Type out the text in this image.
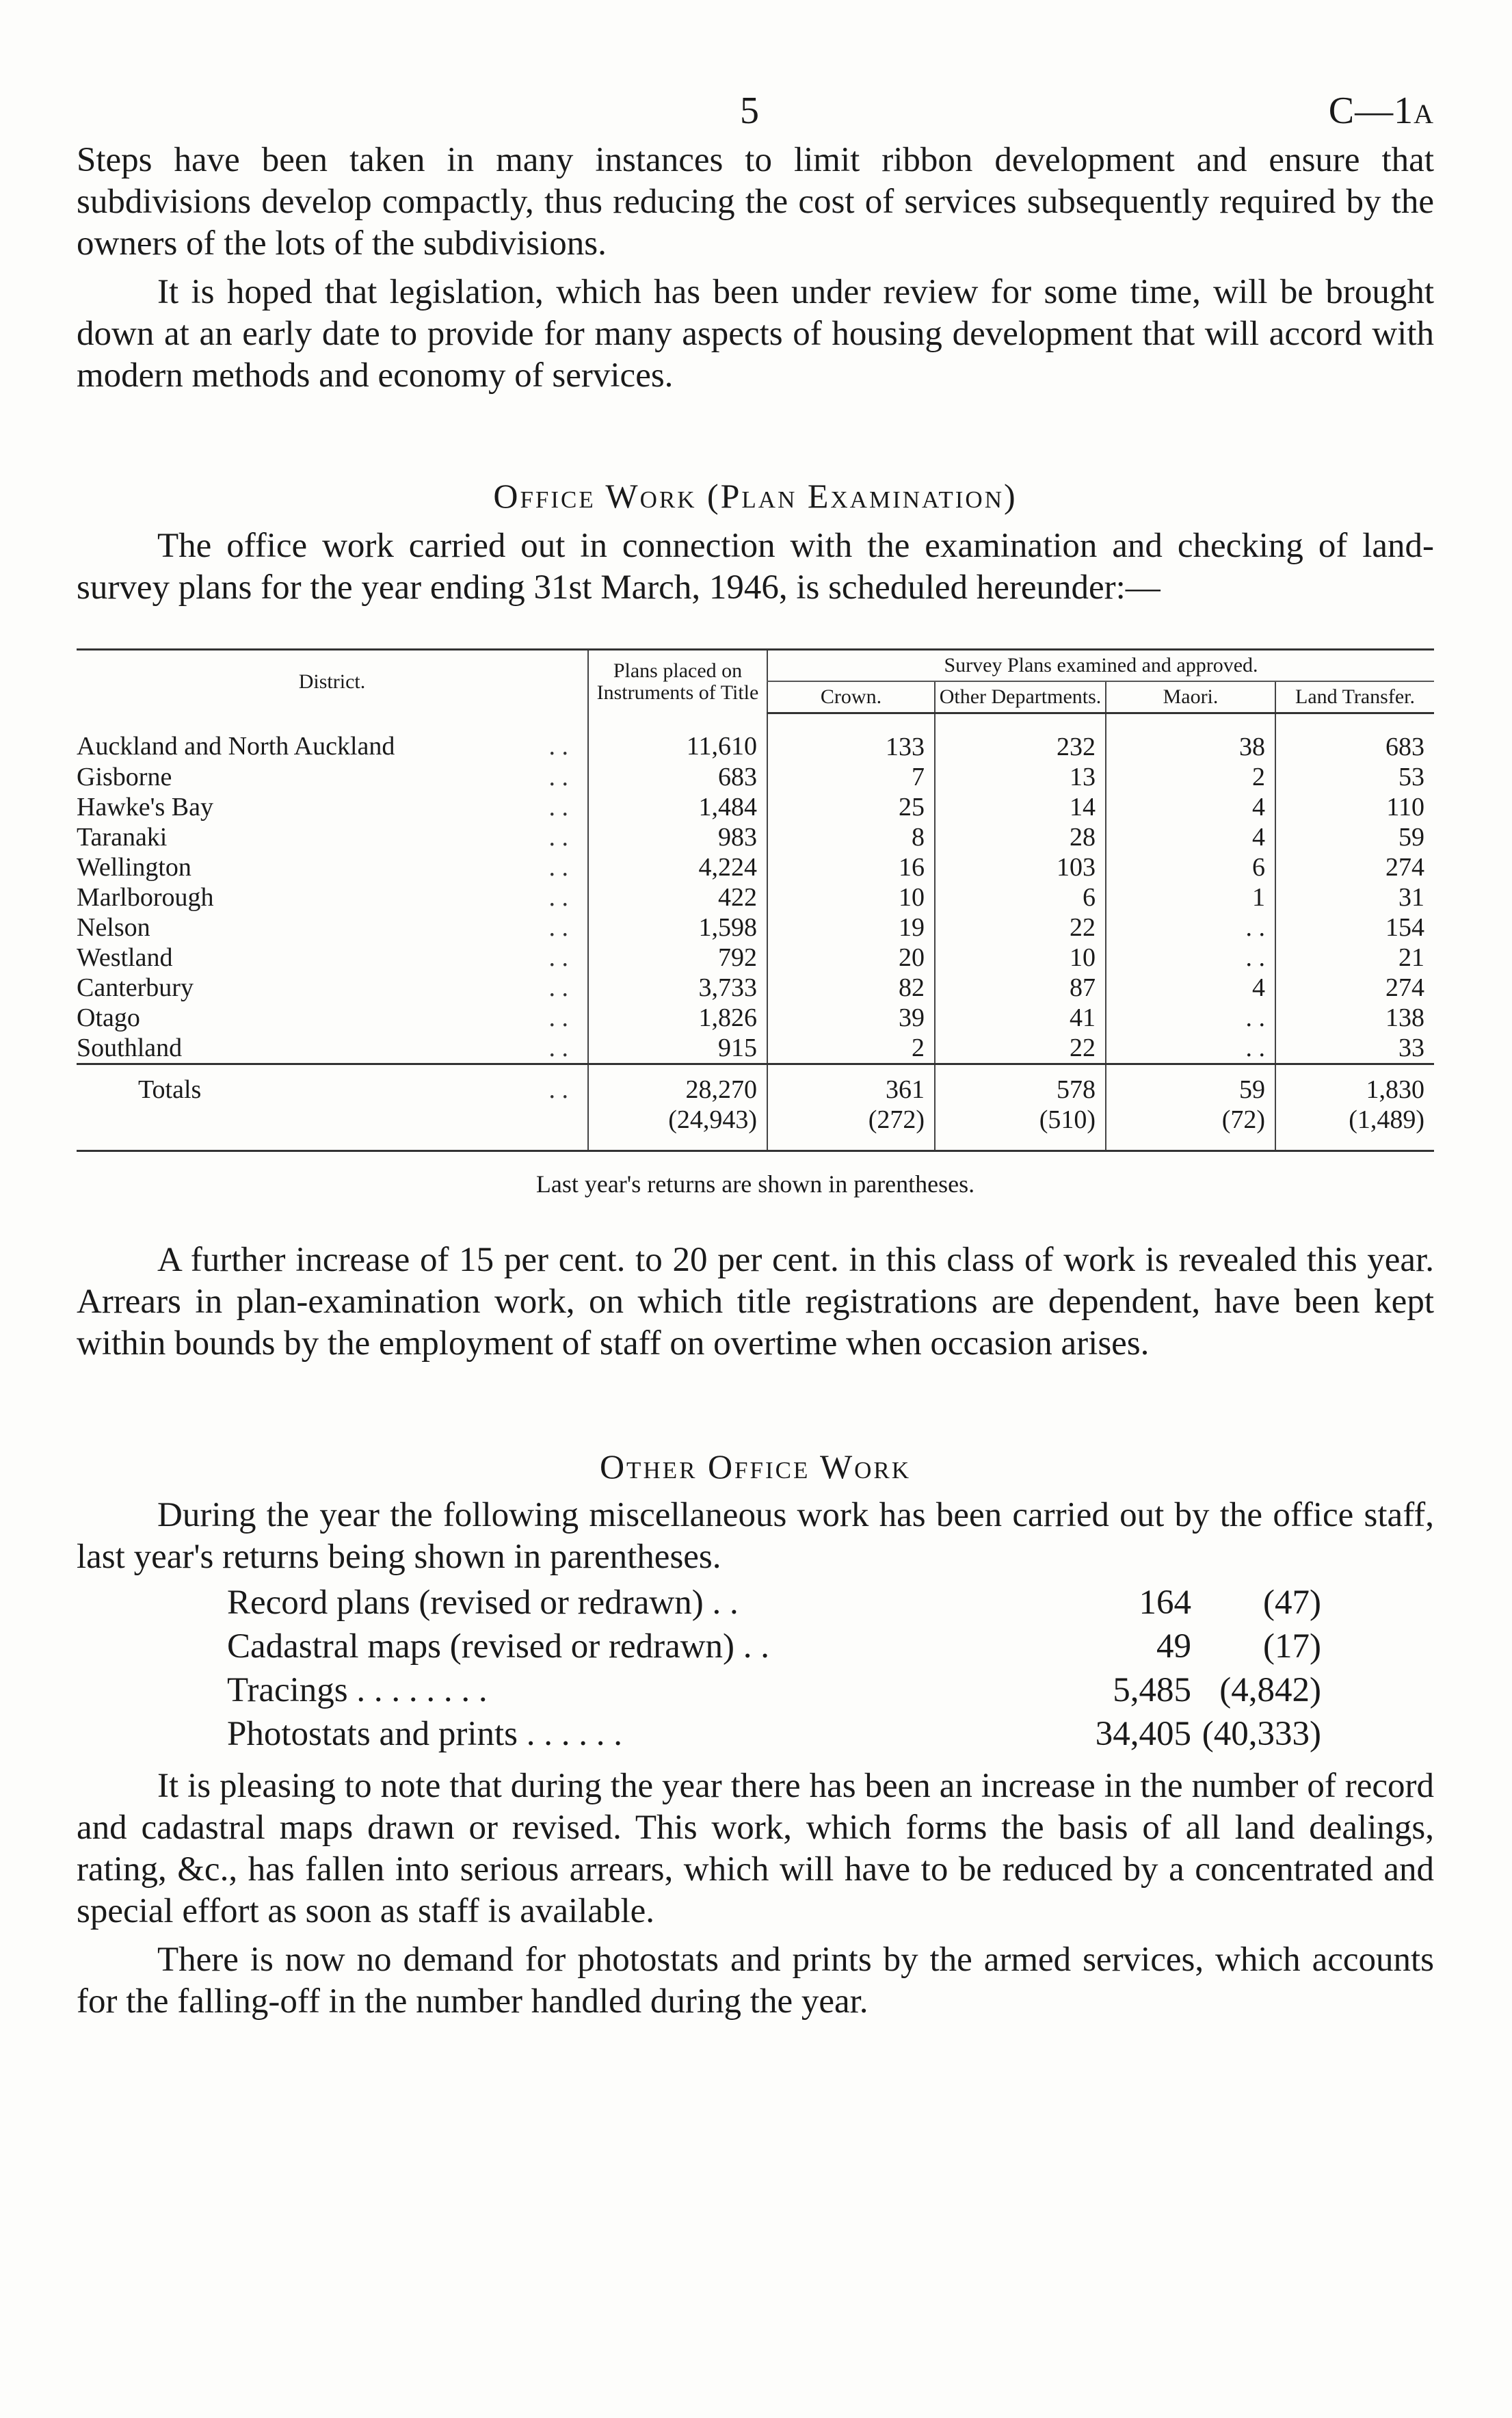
5	C—1A

Steps have been taken in many instances to limit ribbon development and ensure that subdivisions develop compactly, thus reducing the cost of services subsequently required by the owners of the lots of the subdivisions.

It is hoped that legislation, which has been under review for some time, will be brought down at an early date to provide for many aspects of housing development that will accord with modern methods and economy of services.

Office Work (Plan Examination)

The office work carried out in connection with the examination and checking of land-survey plans for the year ending 31st March, 1946, is scheduled hereunder:—

District.	Plans placed on Instruments of Title	Survey Plans examined and approved.			
		Crown.	Other Departments.	Maori.	Land Transfer.
Auckland and North Auckland . .	11,610	133	232	38	683
Gisborne . .	683	7	13	2	53
Hawke's Bay . .	1,484	25	14	4	110
Taranaki . .	983	8	28	4	59
Wellington . .	4,224	16	103	6	274
Marlborough . .	422	10	6	1	31
Nelson . .	1,598	19	22	. .	154
Westland . .	792	20	10	. .	21
Canterbury . .	3,733	82	87	4	274
Otago . .	1,826	39	41	. .	138
Southland . .	915	2	22	. .	33
Totals . .	28,270	361	578	59	1,830
	(24,943)	(272)	(510)	(72)	(1,489)

Last year's returns are shown in parentheses.

A further increase of 15 per cent. to 20 per cent. in this class of work is revealed this year. Arrears in plan-examination work, on which title registrations are dependent, have been kept within bounds by the employment of staff on overtime when occasion arises.

Other Office Work

During the year the following miscellaneous work has been carried out by the office staff, last year's returns being shown in parentheses.

Record plans (revised or redrawn) . .	164	(47)
Cadastral maps (revised or redrawn) . .	49	(17)
Tracings . . . . . . . .	5,485 (4,842)
Photostats and prints . . . . . .	34,405 (40,333)

It is pleasing to note that during the year there has been an increase in the number of record and cadastral maps drawn or revised. This work, which forms the basis of all land dealings, rating, &c., has fallen into serious arrears, which will have to be reduced by a concentrated and special effort as soon as staff is available.

There is now no demand for photostats and prints by the armed services, which accounts for the falling-off in the number handled during the year.
